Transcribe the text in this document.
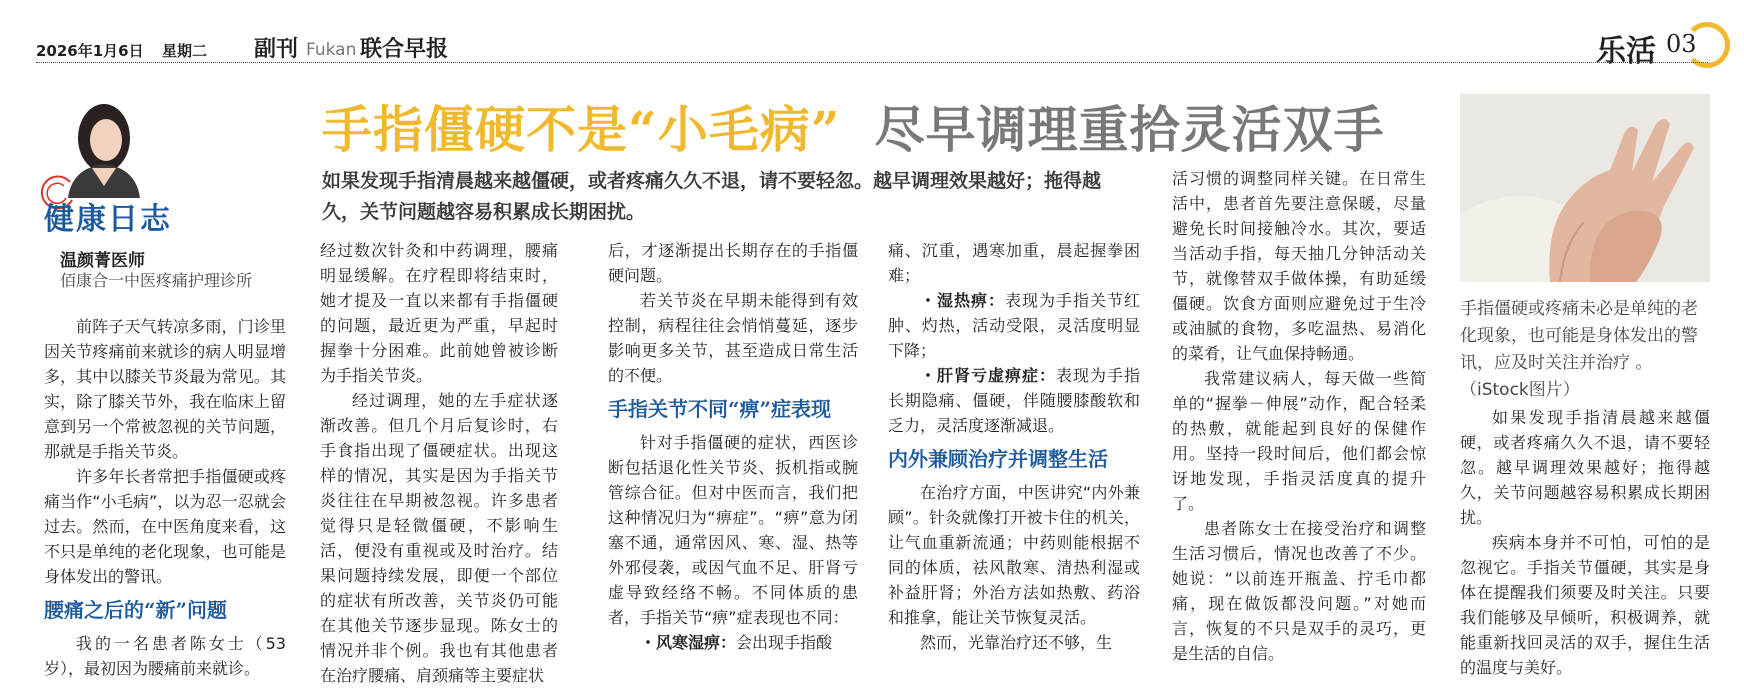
2026年1月6日 星期二 副刊 Fukan 联合早报	乐活 03
健康日志
温颜菁医师
佰康合一中医疼痛护理诊所
手指僵硬不是“小毛病” 尽早调理重拾灵活双手
如果发现手指清晨越来越僵硬，或者疼痛久久不退，请不要轻忽。越早调理效果越好；拖得越久，关节问题越容易积累成长期困扰。

前阵子天气转凉多雨，门诊里因关节疼痛前来就诊的病人明显增多，其中以膝关节炎最为常见。其实，除了膝关节外，我在临床上留意到另一个常被忽视的关节问题，那就是手指关节炎。

许多年长者常把手指僵硬或疼痛当作“小毛病”，以为忍一忍就会过去。然而，在中医角度来看，这不只是单纯的老化现象，也可能是身体发出的警讯。

腰痛之后的“新”问题

我的一名患者陈女士（53岁），最初因为腰痛前来就诊。

经过数次针灸和中药调理，腰痛明显缓解。在疗程即将结束时，她才提及一直以来都有手指僵硬的问题，最近更为严重，早起时握拳十分困难。此前她曾被诊断为手指关节炎。

经过调理，她的左手症状逐渐改善。但几个月后复诊时，右手食指出现了僵硬症状。出现这样的情况，其实是因为手指关节炎往往在早期被忽视。许多患者觉得只是轻微僵硬，不影响生活，便没有重视或及时治疗。结果问题持续发展，即便一个部位的症状有所改善，关节炎仍可能在其他关节逐步显现。陈女士的情况并非个例。我也有其他患者在治疗腰痛、肩颈痛等主要症状

后，才逐渐提出长期存在的手指僵硬问题。

若关节炎在早期未能得到有效控制，病程往往会悄悄蔓延，逐步影响更多关节，甚至造成日常生活的不便。

手指关节不同“痹”症表现

针对手指僵硬的症状，西医诊断包括退化性关节炎、扳机指或腕管综合征。但对中医而言，我们把这种情况归为“痹症”。“痹”意为闭塞不通，通常因风、寒、湿、热等外邪侵袭，或因气血不足、肝肾亏虚导致经络不畅。不同体质的患者，手指关节“痹”症表现也不同：

・风寒湿痹：会出现手指酸

痛、沉重，遇寒加重，晨起握拳困难；

・湿热痹：表现为手指关节红肿、灼热，活动受限，灵活度明显下降；

・肝肾亏虚痹症：表现为手指长期隐痛、僵硬，伴随腰膝酸软和乏力，灵活度逐渐减退。

内外兼顾治疗并调整生活

在治疗方面，中医讲究“内外兼顾”。针灸就像打开被卡住的机关，让气血重新流通；中药则能根据不同的体质，祛风散寒、清热利湿或补益肝肾；外治方法如热敷、药浴和推拿，能让关节恢复灵活。

然而，光靠治疗还不够，生

活习惯的调整同样关键。在日常生活中，患者首先要注意保暖，尽量避免长时间接触冷水。其次，要适当活动手指，每天抽几分钟活动关节，就像替双手做体操，有助延缓僵硬。饮食方面则应避免过于生冷或油腻的食物，多吃温热、易消化的菜肴，让气血保持畅通。

我常建议病人，每天做一些简单的“握拳－伸展”动作，配合轻柔的热敷，就能起到良好的保健作用。坚持一段时间后，他们都会惊讶地发现，手指灵活度真的提升了。

患者陈女士在接受治疗和调整生活习惯后，情况也改善了不少。她说：“以前连开瓶盖、拧毛巾都痛，现在做饭都没问题。”对她而言，恢复的不只是双手的灵巧，更是生活的自信。

手指僵硬或疼痛未必是单纯的老化现象，也可能是身体发出的警讯，应及时关注并治疗 。（iStock图片）

如果发现手指清晨越来越僵硬，或者疼痛久久不退，请不要轻忽。越早调理效果越好；拖得越久，关节问题越容易积累成长期困扰。

疾病本身并不可怕，可怕的是忽视它。手指关节僵硬，其实是身体在提醒我们须要及时关注。只要我们能够及早倾听，积极调养，就能重新找回灵活的双手，握住生活的温度与美好。
